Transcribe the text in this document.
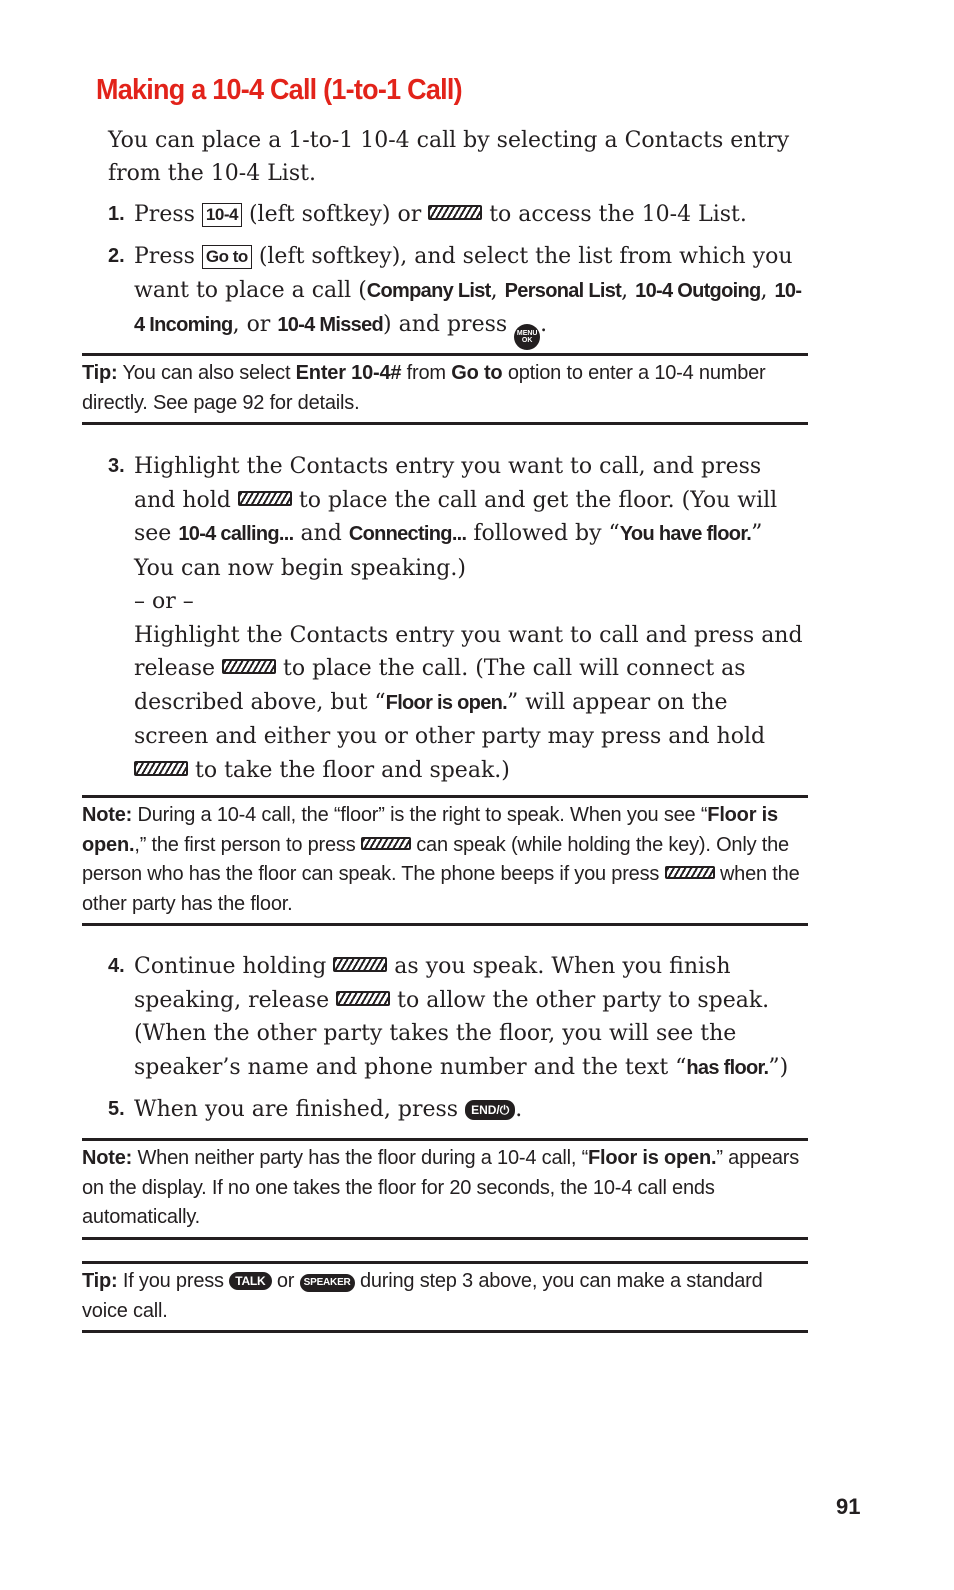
Making a 10-4 Call (1-to-1 Call)
You can place a 1-to-1 10-4 call by selecting a Contacts entry from the 10-4 List.
1. Press 10-4 (left softkey) or	to access the 10-4 List.
2. Press Go to (left softkey), and select the list from which you want to place a call (Company List, Personal List, 10-4 Outgoing, 10-4 Incoming, or 10-4 Missed) and press MENU
OK
.
Tip: You can also select Enter 10-4# from Go to option to enter a 10-4 number directly. See page 92 for details.
3. Highlight the Contacts entry you want to call, and press and hold	to place the call and get the floor. (You will see 10-4 calling... and Connecting... followed by “You have floor.” You can now begin speaking.)
– or –
Highlight the Contacts entry you want to call and press and release	to place the call. (The call will connect as described above, but “Floor is open.” will appear on the screen and either you or other party may press and hold  to take the floor and speak.)
Note: During a 10-4 call, the “floor” is the right to speak. When you see “Floor is open.,” the first person to press	can speak (while holding the key). Only the person who has the floor can speak. The phone beeps if you press	when the other party has the floor.
4. Continue holding	as you speak. When you finish speaking, release	to allow the other party to speak. (When the other party takes the floor, you will see the speaker’s name and phone number and the text “has floor.”)
5. When you are finished, press END/⏻ .
Note: When neither party has the floor during a 10-4 call, “Floor is open.” appears on the display. If no one takes the floor for 20 seconds, the 10-4 call ends automatically.
Tip: If you press TALK or SPEAKER during step 3 above, you can make a standard voice call.
91
